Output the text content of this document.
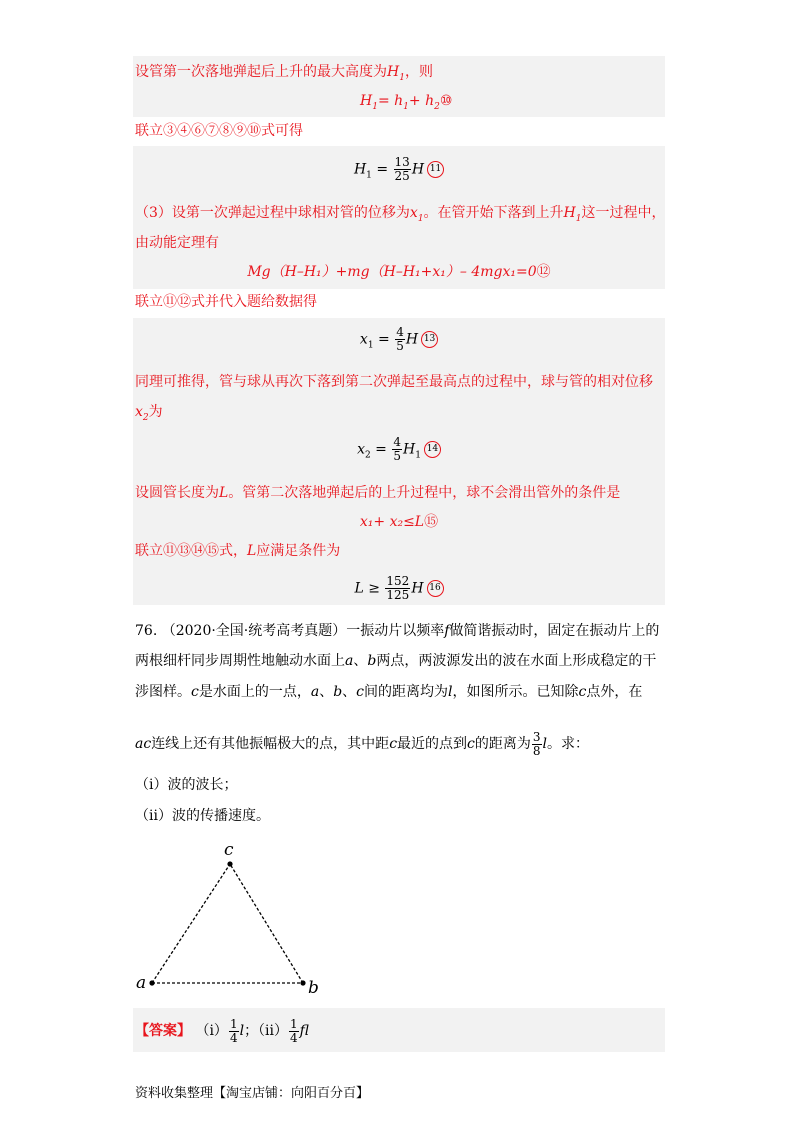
设管第一次落地弹起后上升的最大高度为$H_1$，则
$H_1= h_1+$ $h_2⑩$
联立③④⑥⑦⑧⑨⑩式可得
$H_1 = \frac{13}{25}$ H 11
（3）设第一次弹起过程中球相对管的位移为$x_1$。在管开始下落到上升$H_1$这一过程中，
由动能定理有
Mg（H–H₁）+mg（H–H₁+x₁）– 4mgx₁=0⑫
联立⑪⑫式并代入题给数据得
$x_1 = \frac{4}{5}$ H 13
同理可推得，管与球从再次下落到第二次弹起至最高点的过程中，球与管的相对位移
$x_2$为
$x_2 = \frac{4}{5} H_114$
设圆管长度为L。管第二次落地弹起后的上升过程中，球不会滑出管外的条件是
x₁+ x₂≤L⑮
联立⑪⑬⑭⑮式，L应满足条件为
$L \ge \frac{152}{125}$ H 16
76. （2020·全国·统考高考真题）一振动片以频率f做简谐振动时，固定在振动片上的
两根细杆同步周期性地触动水面上a、b两点，两波源发出的波在水面上形成稳定的干
涉图样。c是水面上的一点，a、b、c间的距离均为l，如图所示。已知除c点外，在
ac连线上还有其他振幅极大的点，其中距c最近的点到c的距离为 $\frac{3}{8}$ l。求：
（i）波的波长；
（ii）波的传播速度。
a	b
c
【答案】 $(i) \frac{1}{4}$ l；$(ii) \frac{1}{4}$ fl
资料收集整理【淘宝店铺：向阳百分百】
